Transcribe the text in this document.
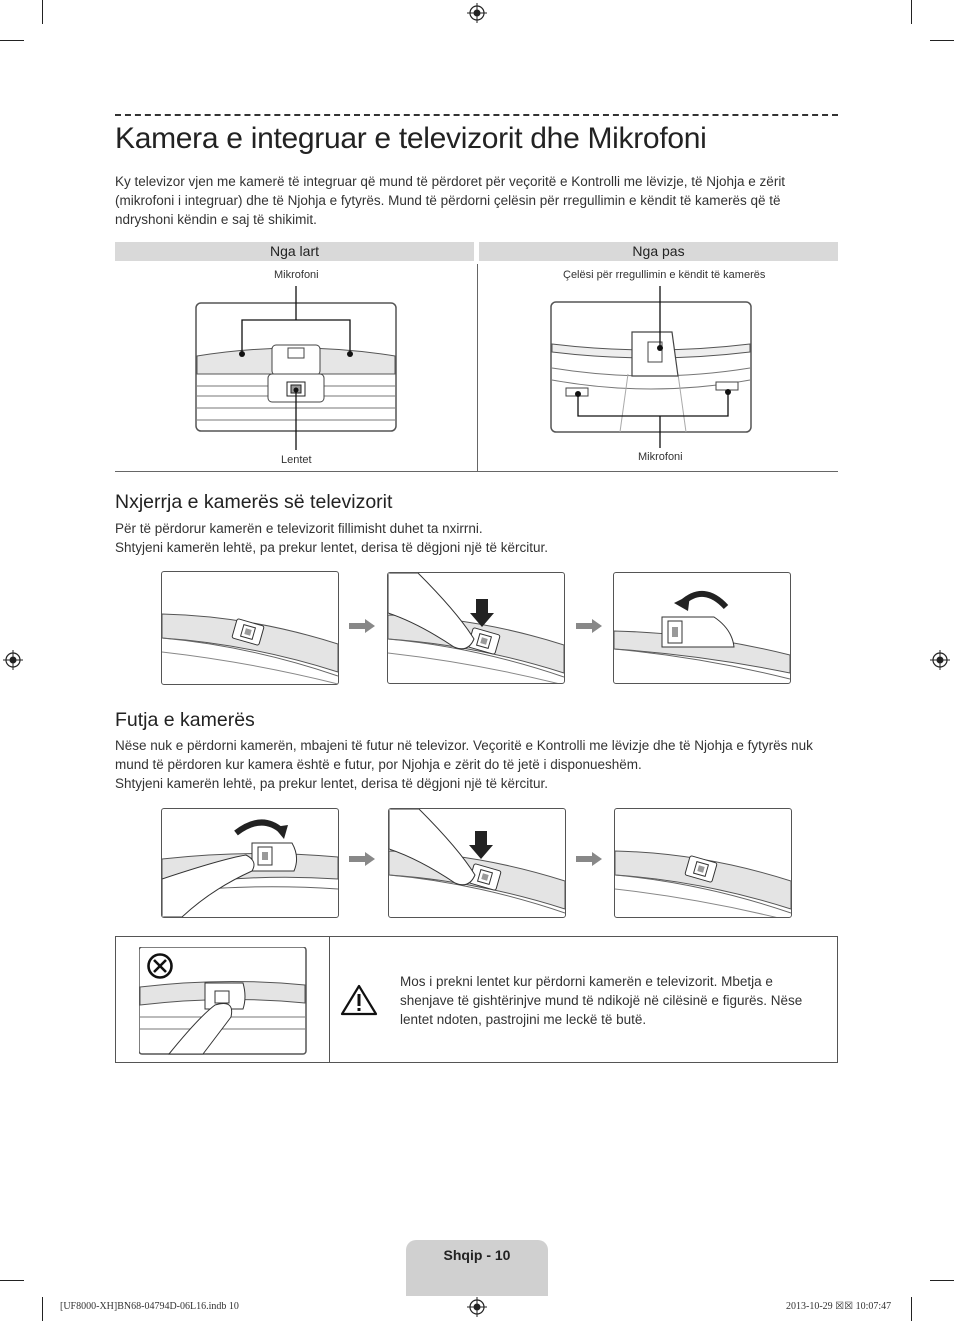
Kamera e integruar e televizorit dhe Mikrofoni

Ky televizor vjen me kamerë të integruar që mund të përdoret për veçoritë e Kontrolli me lëvizje, të Njohja e zërit (mikrofoni i integruar) dhe të Njohja e fytyrës. Mund të përdorni çelësin për rregullimin e këndit të kamerës që të ndryshoni këndin e saj të shikimit.

Nga lart	Nga pas
Mikrofoni
Lentet
Çelësi për rregullimin e këndit të kamerës
Mikrofoni
Nxjerrja e kamerës së televizorit

Për të përdorur kamerën e televizorit fillimisht duhet ta nxirrni.

Shtyjeni kamerën lehtë, pa prekur lentet, derisa të dëgjoni një të kërcitur.

Futja e kamerës

Nëse nuk e përdorni kamerën, mbajeni të futur në televizor. Veçoritë e Kontrolli me lëvizje dhe të Njohja e fytyrës nuk mund të përdoren kur kamera është e futur, por Njohja e zërit do të jetë i disponueshëm.

Shtyjeni kamerën lehtë, pa prekur lentet, derisa të dëgjoni një të kërcitur.

Mos i prekni lentet kur përdorni kamerën e televizorit. Mbetja e shenjave të gishtërinjve mund të ndikojë në cilësinë e figurës. Nëse lentet ndoten, pastrojini me leckë të butë.

Shqip - 10
[UF8000-XH]BN68-04794D-06L16.indb 10	2013-10-29 ☒☒ 10:07:47
